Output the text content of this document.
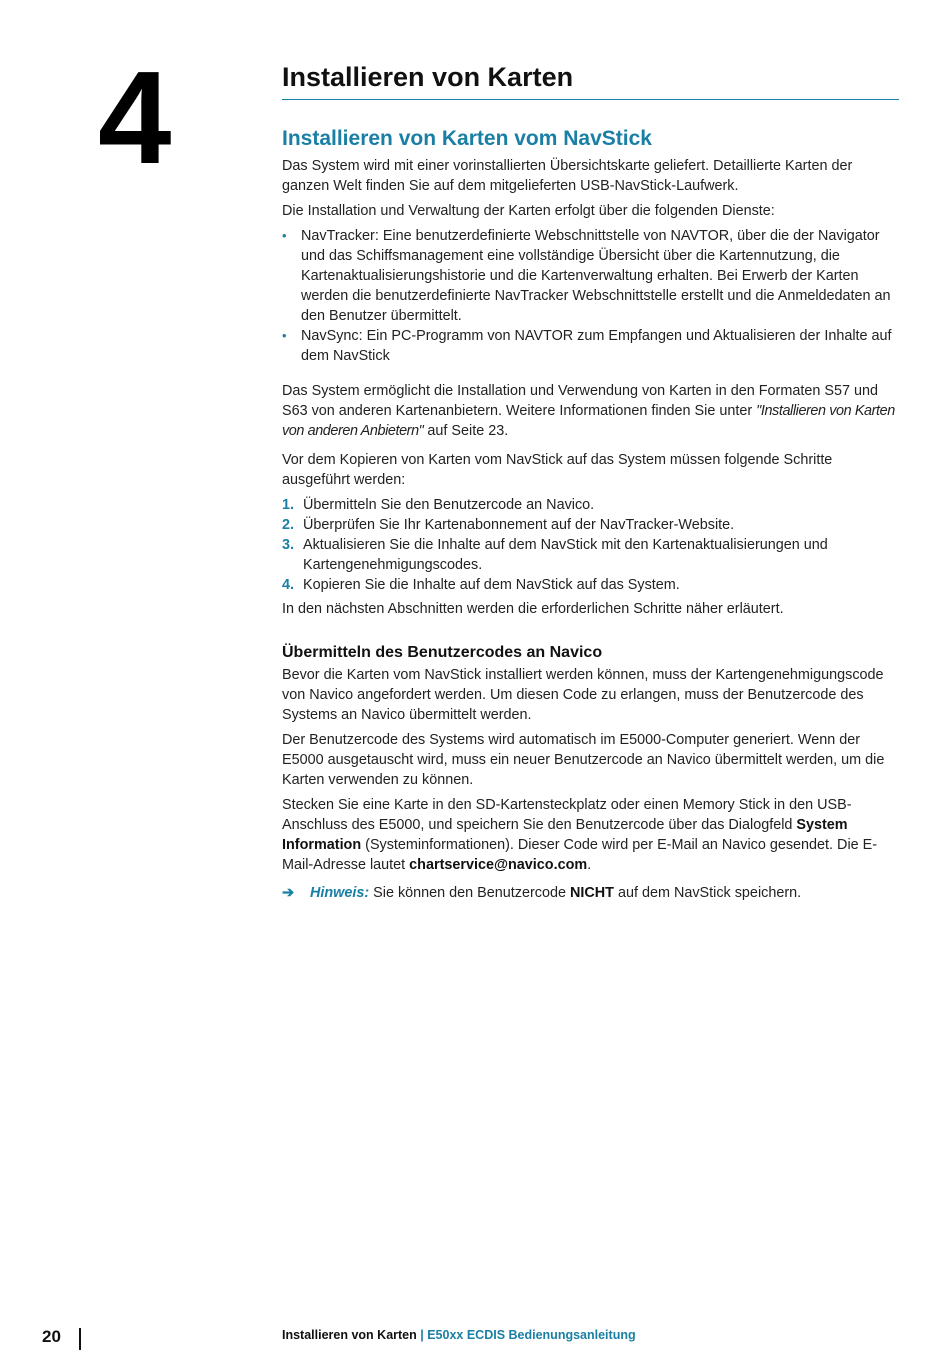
4	Installieren von Karten
Installieren von Karten vom NavStick

Das System wird mit einer vorinstallierten Übersichtskarte geliefert. Detaillierte Karten der ganzen Welt finden Sie auf dem mitgelieferten USB-NavStick-Laufwerk.

Die Installation und Verwaltung der Karten erfolgt über die folgenden Dienste:

• NavTracker: Eine benutzerdefinierte Webschnittstelle von NAVTOR, über die der Navigator und das Schiffsmanagement eine vollständige Übersicht über die Kartennutzung, die Kartenaktualisierungshistorie und die Kartenverwaltung erhalten. Bei Erwerb der Karten werden die benutzerdefinierte NavTracker Webschnittstelle erstellt und die Anmeldedaten an den Benutzer übermittelt.
• NavSync: Ein PC-Programm von NAVTOR zum Empfangen und Aktualisieren der Inhalte auf dem NavStick

Das System ermöglicht die Installation und Verwendung von Karten in den Formaten S57 und S63 von anderen Kartenanbietern. Weitere Informationen finden Sie unter "Installieren von Karten von anderen Anbietern" auf Seite 23.

Vor dem Kopieren von Karten vom NavStick auf das System müssen folgende Schritte ausgeführt werden:

1. Übermitteln Sie den Benutzercode an Navico.
2. Überprüfen Sie Ihr Kartenabonnement auf der NavTracker-Website.
3. Aktualisieren Sie die Inhalte auf dem NavStick mit den Kartenaktualisierungen und Kartengenehmigungscodes.
4. Kopieren Sie die Inhalte auf dem NavStick auf das System.

In den nächsten Abschnitten werden die erforderlichen Schritte näher erläutert.

Übermitteln des Benutzercodes an Navico

Bevor die Karten vom NavStick installiert werden können, muss der Kartengenehmigungscode von Navico angefordert werden. Um diesen Code zu erlangen, muss der Benutzercode des Systems an Navico übermittelt werden.

Der Benutzercode des Systems wird automatisch im E5000-Computer generiert. Wenn der E5000 ausgetauscht wird, muss ein neuer Benutzercode an Navico übermittelt werden, um die Karten verwenden zu können.

Stecken Sie eine Karte in den SD-Kartensteckplatz oder einen Memory Stick in den USB-Anschluss des E5000, und speichern Sie den Benutzercode über das Dialogfeld System Information (Systeminformationen). Dieser Code wird per E-Mail an Navico gesendet. Die E-Mail-Adresse lautet chartservice@navico.com.

➔ Hinweis: Sie können den Benutzercode NICHT auf dem NavStick speichern.

20	Installieren von Karten | E50xx ECDIS Bedienungsanleitung
